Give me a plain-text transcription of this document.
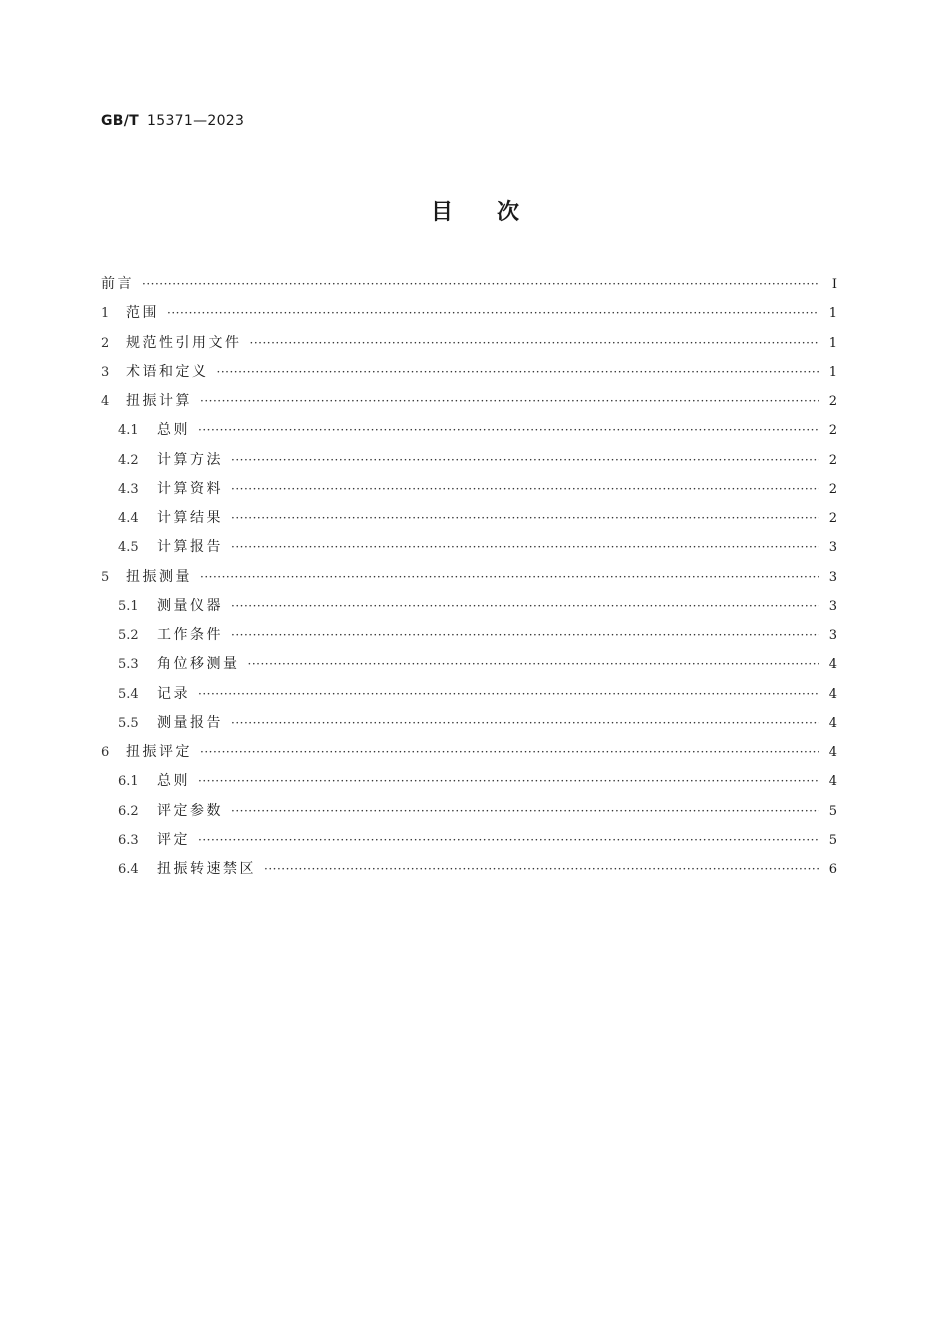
GB/T 15371—2023
目次
前言 ·····	Ⅰ
1	范围 ·····	1
2	规范性引用文件 ·····	1
3	术语和定义 ·····	1
4	扭振计算 ·····	2
4.1	总则 ·····	2
4.2	计算方法 ·····	2
4.3	计算资料 ·····	2
4.4	计算结果 ·····	2
4.5	计算报告 ·····	3
5	扭振测量 ·····	3
5.1	测量仪器 ·····	3
5.2	工作条件 ·····	3
5.3	角位移测量 ·····	4
5.4	记录 ·····	4
5.5	测量报告 ·····	4
6	扭振评定 ·····	4
6.1	总则 ·····	4
6.2	评定参数 ·····	5
6.3	评定 ·····	5
6.4	扭振转速禁区 ·····	6
